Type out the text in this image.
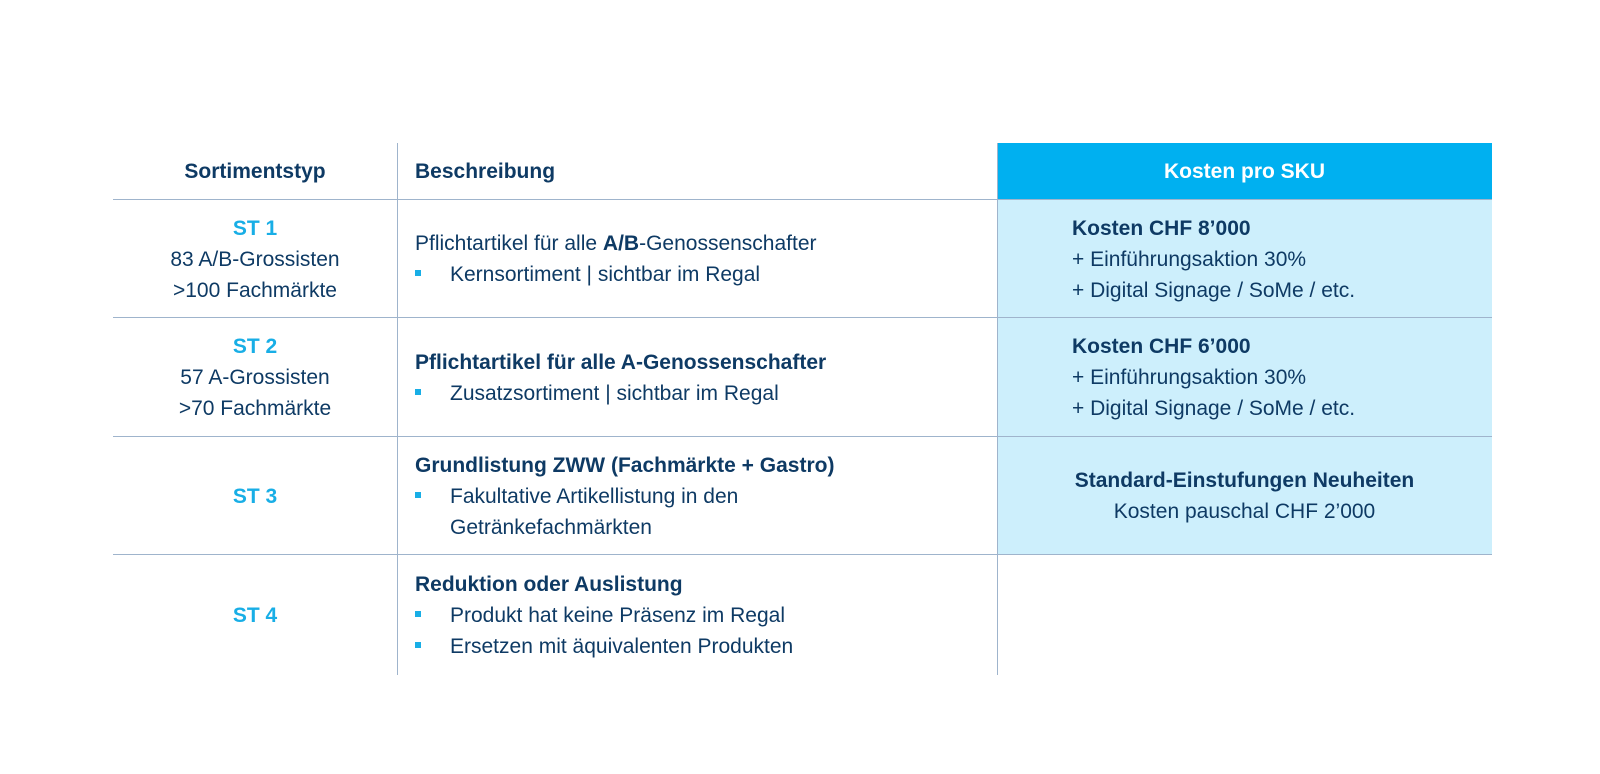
Sortimentstyp	Beschreibung	Kosten pro SKU
ST 1
83 A/B-Grossisten
>100 Fachmärkte
Pflichtartikel für alle A/B-Genossenschafter
Kernsortiment | sichtbar im Regal
Kosten CHF 8’000
+ Einführungsaktion 30%
+ Digital Signage / SoMe / etc.
ST 2
57 A-Grossisten
>70 Fachmärkte
Pflichtartikel für alle A-Genossenschafter
Zusatzsortiment | sichtbar im Regal
Kosten CHF 6’000
+ Einführungsaktion 30%
+ Digital Signage / SoMe / etc.
ST 3
Grundlistung ZWW (Fachmärkte + Gastro)
Fakultative Artikellistung in den Getränkefachmärkten
Standard-Einstufungen Neuheiten
Kosten pauschal CHF 2’000
ST 4
Reduktion oder Auslistung
Produkt hat keine Präsenz im Regal
Ersetzen mit äquivalenten Produkten
